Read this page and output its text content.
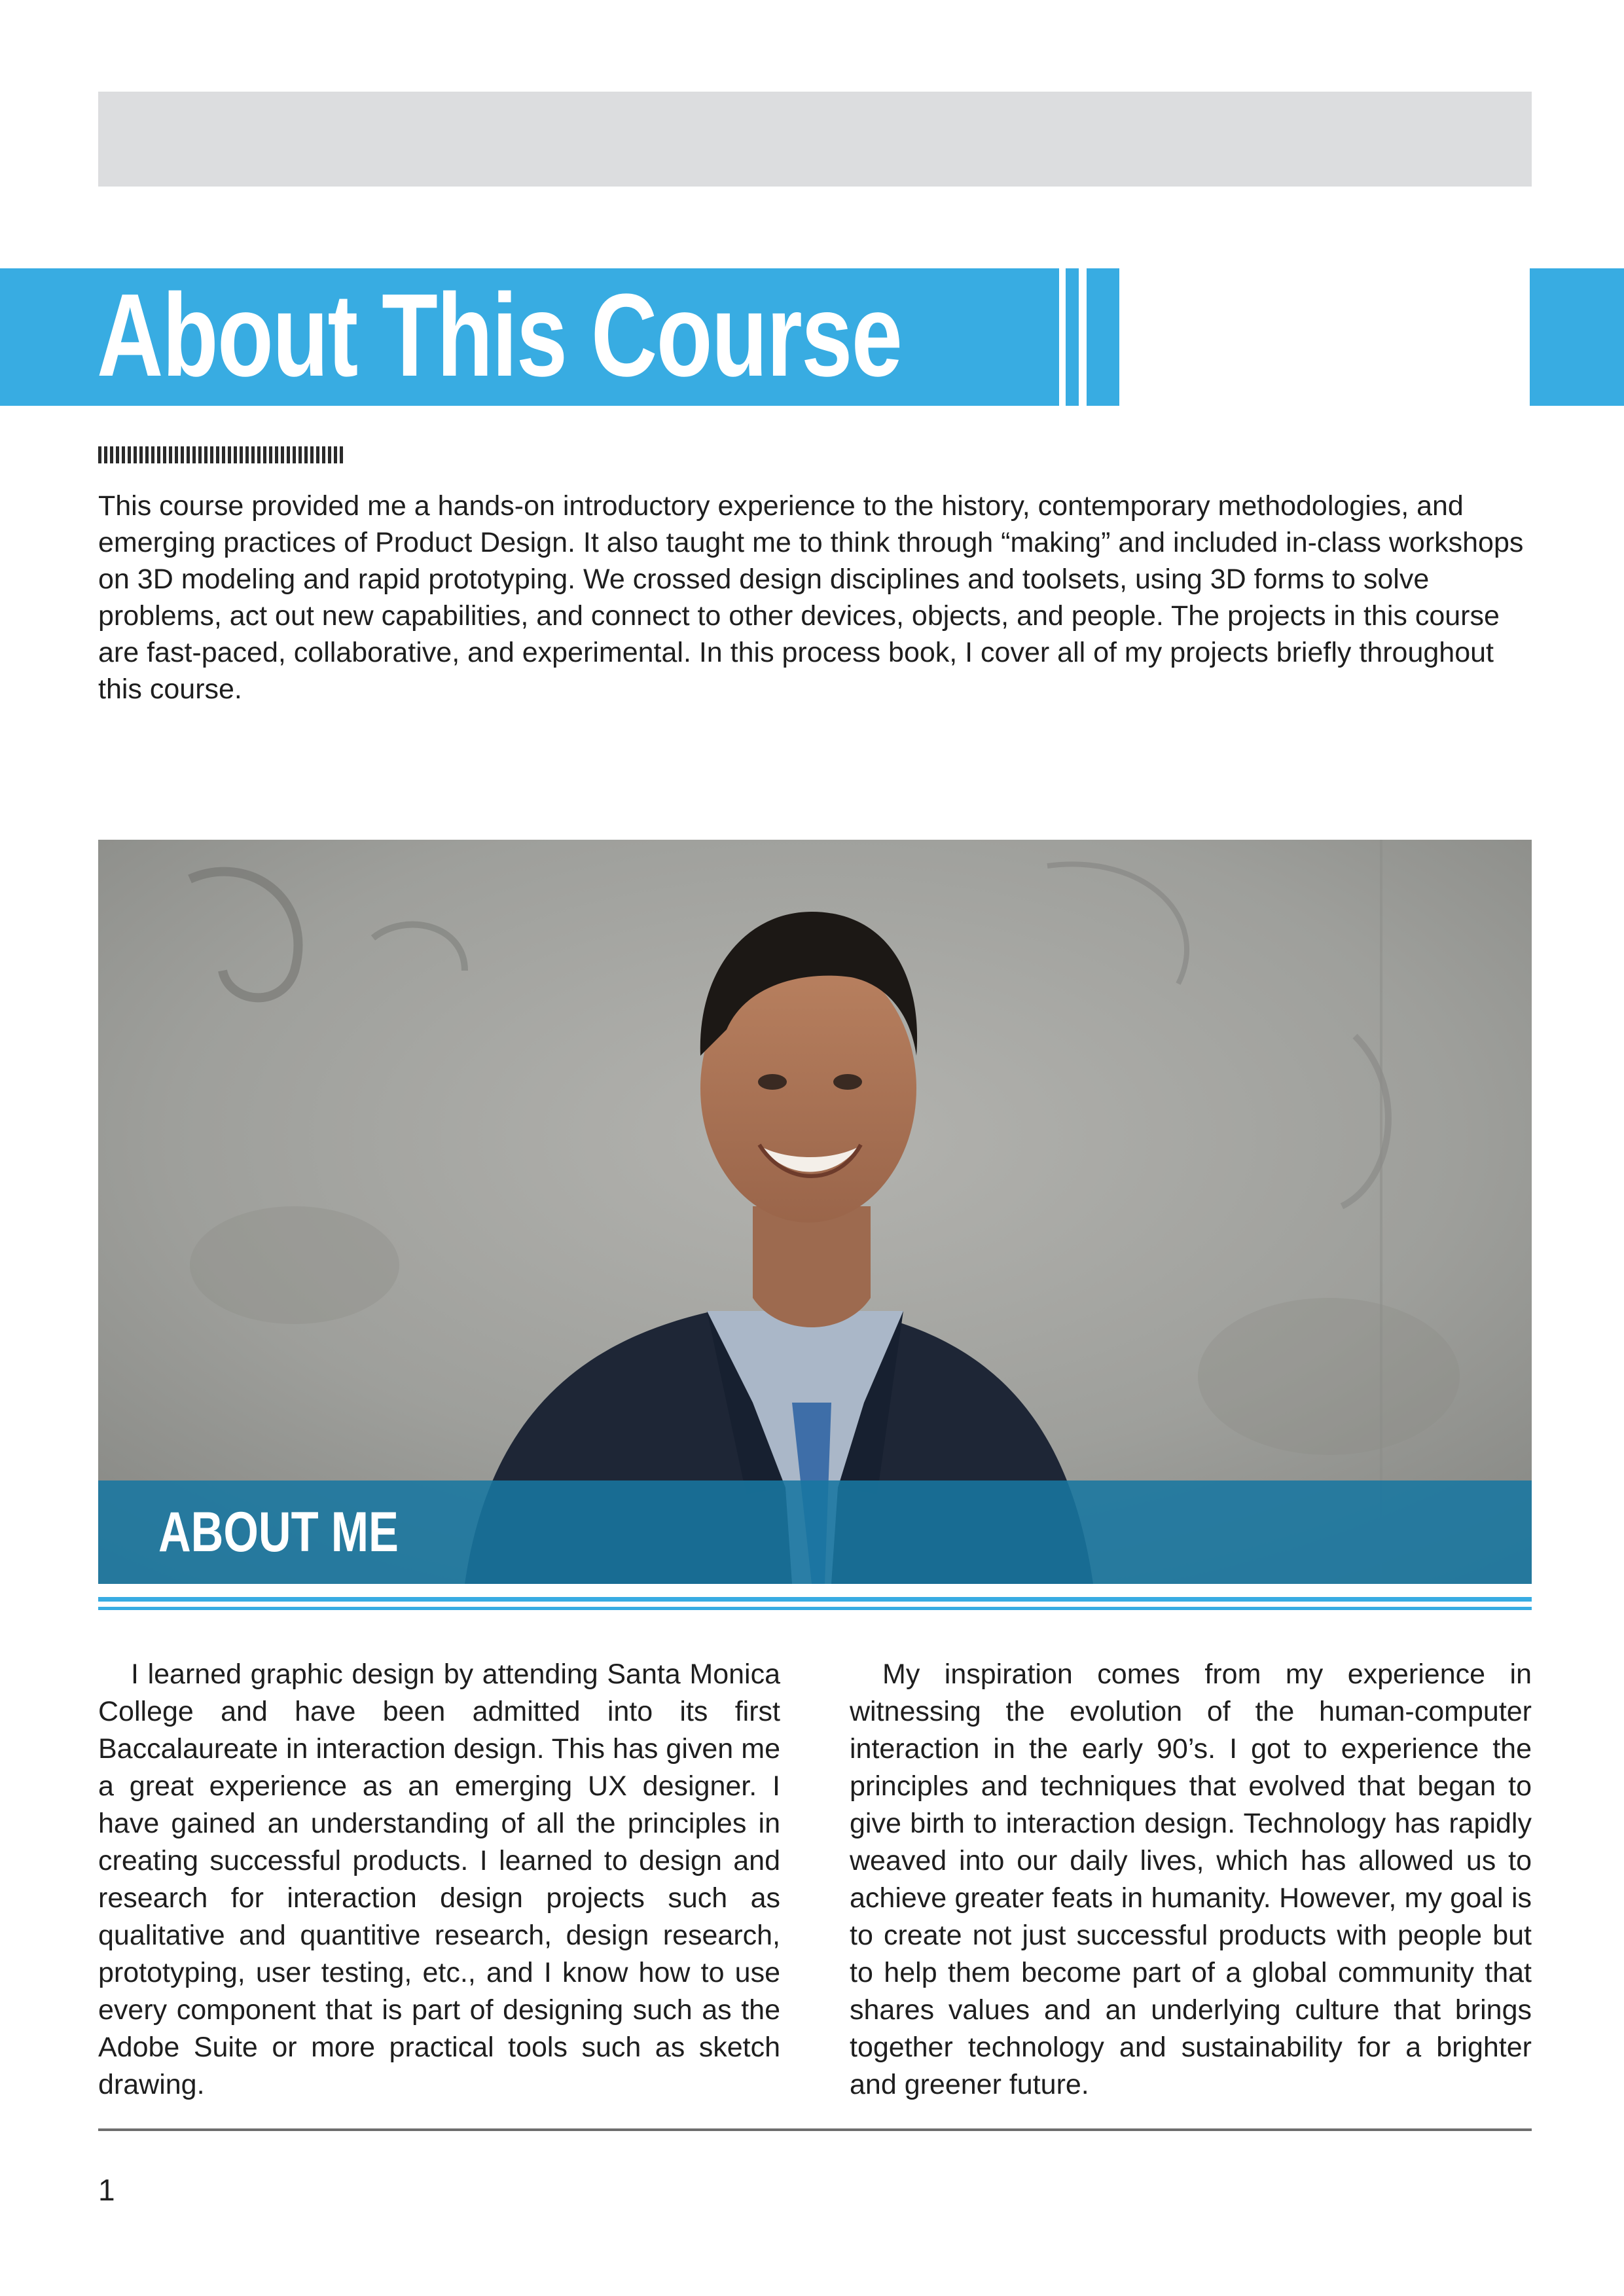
About This Course

This course provided me a hands-on introductory experience to the history, contemporary methodologies, and emerging practices of Product Design. It also taught me to think through “making” and included in-class workshops on 3D modeling and rapid prototyping. We crossed design disciplines and toolsets, using 3D forms to solve problems, act out new capabilities, and connect to other devices, objects, and people. The projects in this course are fast-paced, collaborative, and experimental. In this process book, I cover all of my projects briefly throughout this course.

ABOUT ME

I learned graphic design by attending Santa Monica College and have been admitted into its first Baccalaureate in interaction design. This has given me a great experience as an emerging UX designer. I have gained an understanding of all the principles in creating successful products. I learned to design and research for interaction design projects such as qualitative and quantitive research, design research, prototyping, user testing, etc., and I know how to use every component that is part of designing such as the Adobe Suite or more practical tools such as sketch drawing.

My inspiration comes from my experience in witnessing the evolution of the human-computer interaction in the early 90’s. I got to experience the principles and techniques that evolved that began to give birth to interaction design. Technology has rapidly weaved into our daily lives, which has allowed us to achieve greater feats in humanity. However, my goal is to create not just successful products with people but to help them become part of a global community that shares values and an underlying culture that brings together technology and sustainability for a brighter and greener future.

1
